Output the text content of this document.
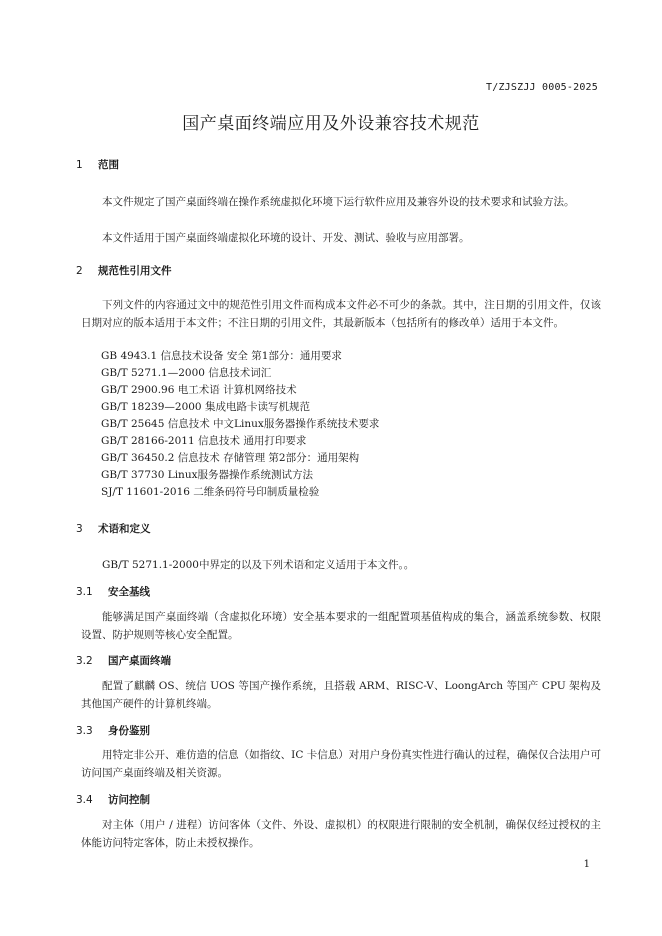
T/ZJSZJJ 0005-2025
国产桌面终端应用及外设兼容技术规范
1 范围
本文件规定了国产桌面终端在操作系统虚拟化环境下运行软件应用及兼容外设的技术要求和试验方法。
本文件适用于国产桌面终端虚拟化环境的设计、开发、测试、验收与应用部署。
2 规范性引用文件
下列文件的内容通过文中的规范性引用文件而构成本文件必不可少的条款。其中，注日期的引用文件，仅该日期对应的版本适用于本文件；不注日期的引用文件，其最新版本（包括所有的修改单）适用于本文件。
GB 4943.1 信息技术设备 安全 第1部分：通用要求
GB/T 5271.1—2000 信息技术词汇
GB/T 2900.96 电工术语 计算机网络技术
GB/T 18239—2000 集成电路卡读写机规范
GB/T 25645 信息技术 中文Linux服务器操作系统技术要求
GB/T 28166-2011 信息技术 通用打印要求
GB/T 36450.2 信息技术 存储管理 第2部分：通用架构
GB/T 37730 Linux服务器操作系统测试方法
SJ/T 11601-2016 二维条码符号印制质量检验
3 术语和定义
GB/T 5271.1-2000中界定的以及下列术语和定义适用于本文件。。
3.1 安全基线
能够满足国产桌面终端（含虚拟化环境）安全基本要求的一组配置项基值构成的集合，涵盖系统参数、权限设置、防护规则等核心安全配置。
3.2 国产桌面终端
配置了麒麟 OS、统信 UOS 等国产操作系统，且搭载 ARM、RISC-V、LoongArch 等国产 CPU 架构及其他国产硬件的计算机终端。
3.3 身份鉴别
用特定非公开、难仿造的信息（如指纹、IC 卡信息）对用户身份真实性进行确认的过程，确保仅合法用户可访问国产桌面终端及相关资源。
3.4 访问控制
对主体（用户 / 进程）访问客体（文件、外设、虚拟机）的权限进行限制的安全机制，确保仅经过授权的主体能访问特定客体，防止未授权操作。
1
